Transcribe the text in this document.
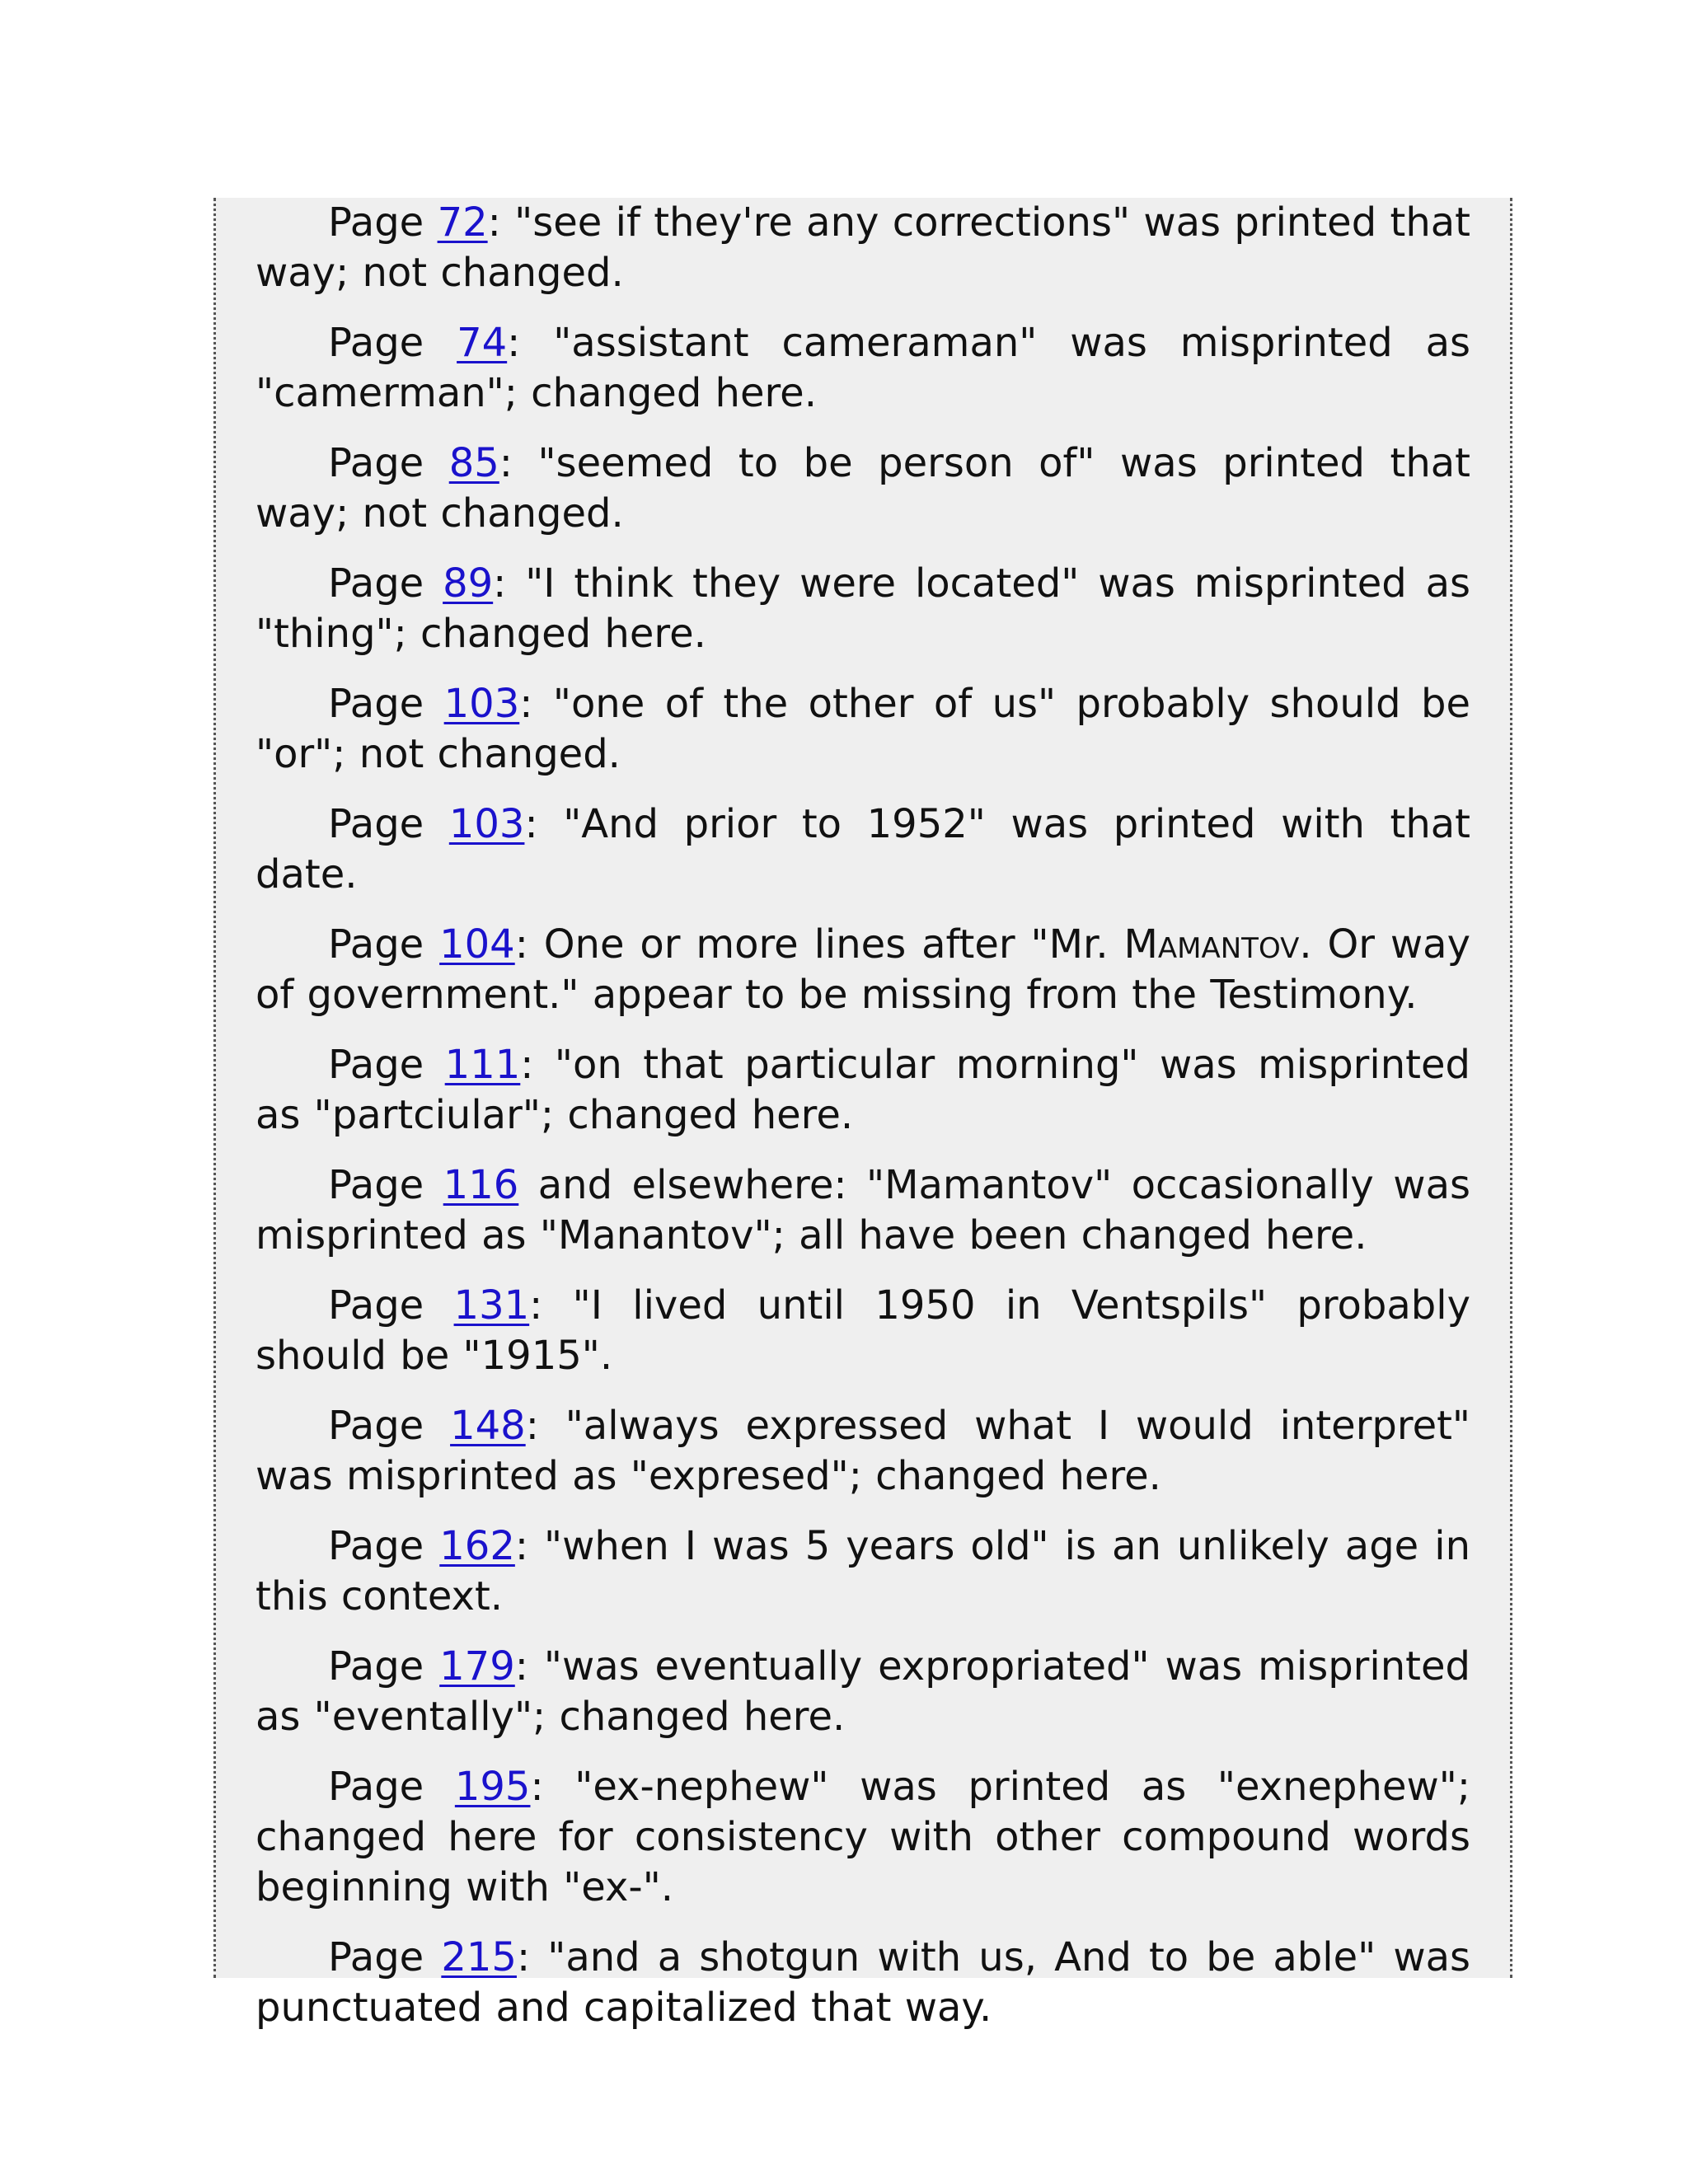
Page 72: "see if they're any corrections" was printed that way; not changed.

Page 74: "assistant cameraman" was misprinted as "camerman"; changed here.

Page 85: "seemed to be person of" was printed that way; not changed.

Page 89: "I think they were located" was misprinted as "thing"; changed here.

Page 103: "one of the other of us" probably should be "or"; not changed.

Page 103: "And prior to 1952" was printed with that date.

Page 104: One or more lines after "Mr. Mamantov. Or way of government." appear to be missing from the Testimony.

Page 111: "on that particular morning" was misprinted as "partciular"; changed here.

Page 116 and elsewhere: "Mamantov" occasionally was misprinted as "Manantov"; all have been changed here.

Page 131: "I lived until 1950 in Ventspils" probably should be "1915".

Page 148: "always expressed what I would interpret" was misprinted as "expresed"; changed here.

Page 162: "when I was 5 years old" is an unlikely age in this context.

Page 179: "was eventually expropriated" was misprinted as "eventally"; changed here.

Page 195: "ex-nephew" was printed as "exnephew"; changed here for consistency with other compound words beginning with "ex-".

Page 215: "and a shotgun with us, And to be able" was punctuated and capitalized that way.
